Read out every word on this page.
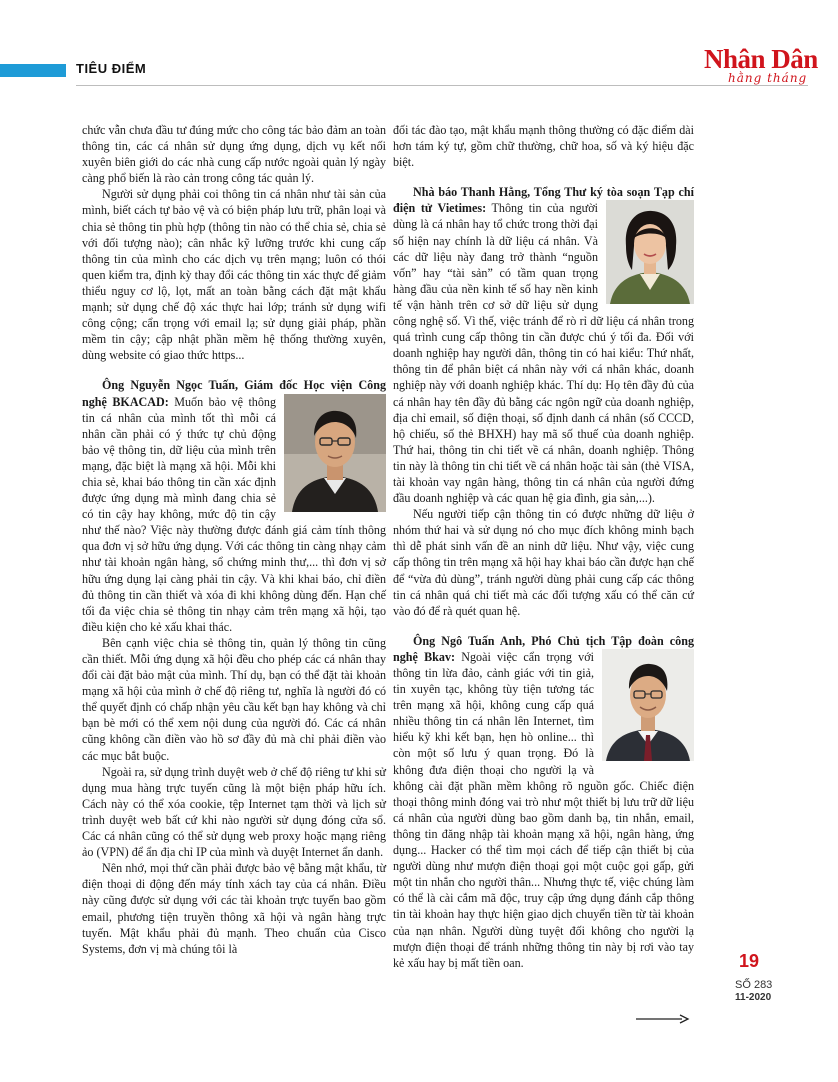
TIÊU ĐIỂM	Nhân Dân
hằng tháng

chức vẫn chưa đầu tư đúng mức cho công tác bảo đảm an toàn thông tin, các cá nhân sử dụng ứng dụng, dịch vụ kết nối xuyên biên giới do các nhà cung cấp nước ngoài quản lý ngày càng phổ biến là rào cản trong công tác quản lý.

Người sử dụng phải coi thông tin cá nhân như tài sản của mình, biết cách tự bảo vệ và có biện pháp lưu trữ, phân loại và chia sẻ thông tin phù hợp (thông tin nào có thể chia sẻ, chia sẻ với đối tượng nào); cân nhắc kỹ lưỡng trước khi cung cấp thông tin của mình cho các dịch vụ trên mạng; luôn có thói quen kiểm tra, định kỳ thay đổi các thông tin xác thực để giảm thiểu nguy cơ lộ, lọt, mất an toàn bằng cách đặt mật khẩu mạnh; sử dụng chế độ xác thực hai lớp; tránh sử dụng wifi công cộng; cẩn trọng với email lạ; sử dụng giải pháp, phần mềm tin cậy; cập nhật phần mềm hệ thống thường xuyên, dùng website có giao thức https...

Ông Nguyễn Ngọc Tuấn, Giám đốc Học viện Công nghệ BKACAD:
Muốn bảo vệ thông tin cá nhân của mình tốt thì mỗi cá nhân cần phải có ý thức tự chủ động bảo vệ thông tin, dữ liệu của mình trên mạng, đặc biệt là mạng xã hội. Mỗi khi chia sẻ, khai báo thông tin cần xác định được ứng dụng mà mình đang chia sẻ có tin cậy hay không, mức độ tin cậy như thế nào? Việc này thường được đánh giá cảm tính thông qua đơn vị sở hữu ứng dụng. Với các thông tin càng nhạy cảm như tài khoản ngân hàng, sổ chứng minh thư,... thì đơn vị sở hữu ứng dụng lại càng phải tin cậy. Và khi khai báo, chỉ điền đủ thông tin cần thiết và xóa đi khi không dùng đến. Hạn chế tối đa việc chia sẻ thông tin nhạy cảm trên mạng xã hội, tạo điều kiện cho kẻ xấu khai thác.

Bên cạnh việc chia sẻ thông tin, quản lý thông tin cũng cần thiết. Mỗi ứng dụng xã hội đều cho phép các cá nhân thay đổi cài đặt bảo mật của mình. Thí dụ, bạn có thể đặt tài khoản mạng xã hội của mình ở chế độ riêng tư, nghĩa là người đó có thể quyết định có chấp nhận yêu cầu kết bạn hay không và chỉ bạn bè mới có thể xem nội dung của người đó. Các cá nhân cũng không cần điền vào hồ sơ đầy đủ mà chỉ phải điền vào các mục bắt buộc.

Ngoài ra, sử dụng trình duyệt web ở chế độ riêng tư khi sử dụng mua hàng trực tuyến cũng là một biện pháp hữu ích. Cách này có thể xóa cookie, tệp Internet tạm thời và lịch sử trình duyệt web bất cứ khi nào người sử dụng đóng cửa sổ. Các cá nhân cũng có thể sử dụng web proxy hoặc mạng riêng ảo (VPN) để ẩn địa chỉ IP của mình và duyệt Internet ẩn danh.

Nên nhớ, mọi thứ cần phải được bảo vệ bằng mật khẩu, từ điện thoại di động đến máy tính xách tay của cá nhân. Điều này cũng được sử dụng với các tài khoản trực tuyến bao gồm email, phương tiện truyền thông xã hội và ngân hàng trực tuyến. Mật khẩu phải đủ mạnh. Theo chuẩn của Cisco Systems, đơn vị mà chúng tôi là

đối tác đào tạo, mật khẩu mạnh thông thường có đặc điểm dài hơn tám ký tự, gồm chữ thường, chữ hoa, số và ký hiệu đặc biệt.

Nhà báo Thanh Hằng, Tổng Thư ký tòa soạn Tạp chí điện tử Vietimes:
Thông tin của người dùng là cá nhân hay tổ chức trong thời đại số hiện nay chính là dữ liệu cá nhân. Và các dữ liệu này đang trở thành “nguồn vốn” hay “tài sản” có tầm quan trọng hàng đầu của nền kinh tế số hay nền kinh tế vận hành trên cơ sở dữ liệu sử dụng công nghệ số. Vì thế, việc tránh để rò rỉ dữ liệu cá nhân trong quá trình cung cấp thông tin cần được chú ý tối đa. Đối với doanh nghiệp hay người dân, thông tin có hai kiểu: Thứ nhất, thông tin để phân biệt cá nhân này với cá nhân khác, doanh nghiệp này với doanh nghiệp khác. Thí dụ: Họ tên đầy đủ của cá nhân hay tên đầy đủ bằng các ngôn ngữ của doanh nghiệp, địa chỉ email, số điện thoại, số định danh cá nhân (số CCCD, hộ chiếu, số thẻ BHXH) hay mã số thuế của doanh nghiệp. Thứ hai, thông tin chi tiết về cá nhân, doanh nghiệp. Thông tin này là thông tin chi tiết về cá nhân hoặc tài sản (thẻ VISA, tài khoản vay ngân hàng, thông tin cá nhân của người đứng đầu doanh nghiệp và các quan hệ gia đình, gia sản,...).

Nếu người tiếp cận thông tin có được những dữ liệu ở nhóm thứ hai và sử dụng nó cho mục đích không minh bạch thì dễ phát sinh vấn đề an ninh dữ liệu. Như vậy, việc cung cấp thông tin trên mạng xã hội hay khai báo cần được hạn chế để “vừa đủ dùng”, tránh người dùng phải cung cấp các thông tin cá nhân quá chi tiết mà các đối tượng xấu có thể căn cứ vào đó để rà quét quan hệ.

Ông Ngô Tuấn Anh, Phó Chủ tịch Tập đoàn công nghệ Bkav:
Ngoài việc cẩn trọng với thông tin lừa đảo, cảnh giác với tin giả, tin xuyên tạc, không tùy tiện tương tác trên mạng xã hội, không cung cấp quá nhiều thông tin cá nhân lên Internet, tìm hiểu kỹ khi kết bạn, hẹn hò online... thì còn một số lưu ý quan trọng. Đó là không đưa điện thoại cho người lạ và không cài đặt phần mềm không rõ nguồn gốc. Chiếc điện thoại thông minh đóng vai trò như một thiết bị lưu trữ dữ liệu cá nhân của người dùng bao gồm danh bạ, tin nhắn, email, thông tin đăng nhập tài khoản mạng xã hội, ngân hàng, ứng dụng... Hacker có thể tìm mọi cách để tiếp cận thiết bị của người dùng như mượn điện thoại gọi một cuộc gọi gấp, gửi một tin nhắn cho người thân... Nhưng thực tế, việc chúng làm có thể là cài cắm mã độc, truy cập ứng dụng đánh cắp thông tin tài khoản hay thực hiện giao dịch chuyển tiền từ tài khoản của nạn nhân. Người dùng tuyệt đối không cho người lạ mượn điện thoại để tránh những thông tin này bị rơi vào tay kẻ xấu hay bị mất tiền oan.	19
SỐ 283
11-2020
